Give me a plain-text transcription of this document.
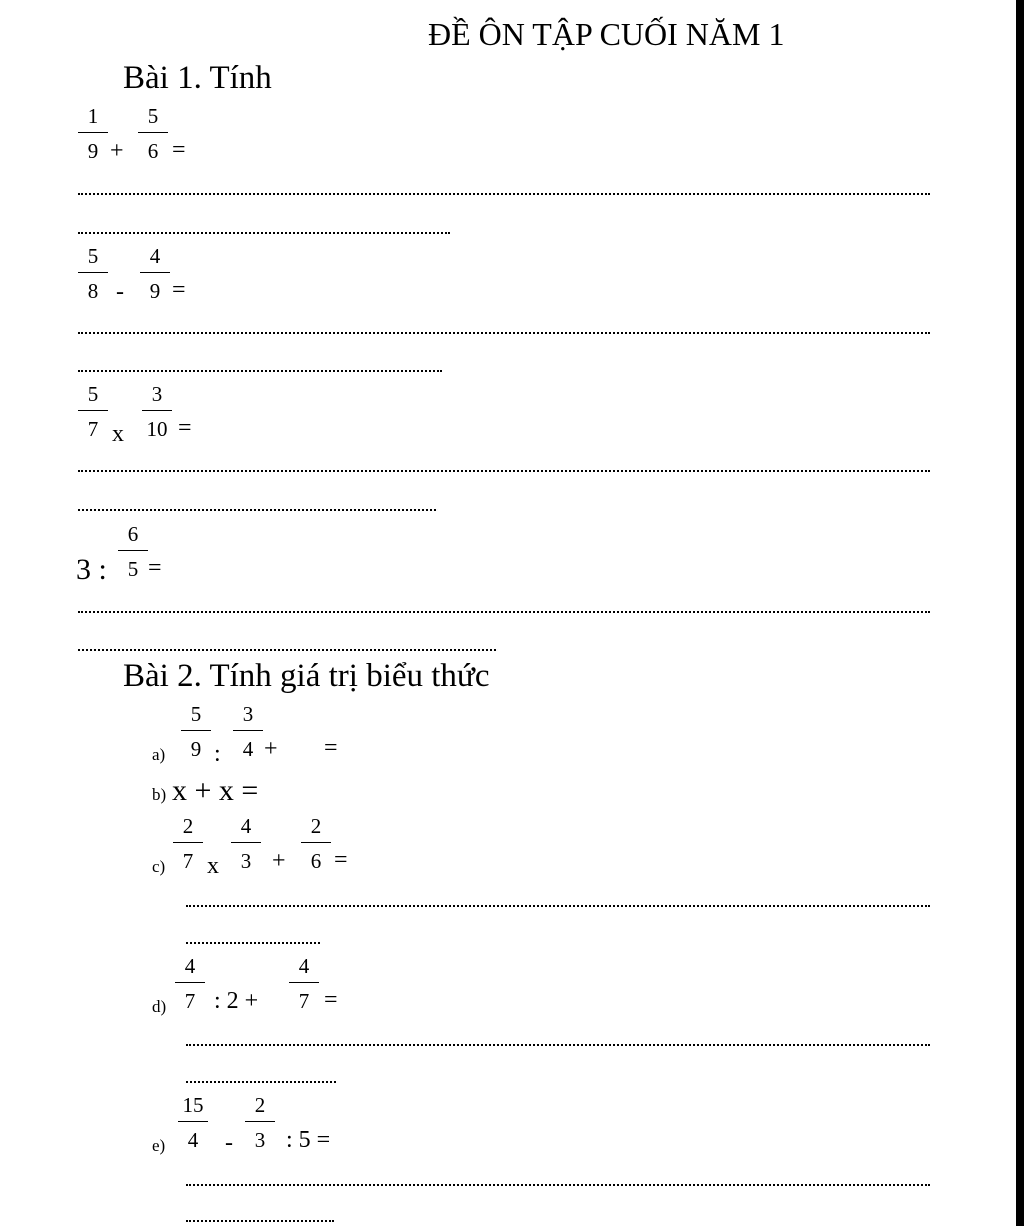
ĐỀ ÔN TẬP CUỐI NĂM 1
Bài 1. Tính
$\frac{1}{9} + \frac{5}{6}$ =
$\frac{5}{8} - \frac{4}{9}$ =
$\frac{5}{7}$ x $\frac{3}{10}$ =
3 : $\frac{6}{5}$ =
Bài 2. Tính giá trị biểu thức
$a) \frac{5}{9}$ : $\frac{3}{4}$ + =
b) x + x =
$c) \frac{2}{7}$ x $\frac{4}{3} + \frac{2}{6}$ =
$d) \frac{4}{7}$ : $2 + \frac{4}{7}$ =
$e) \frac{15}{4} - \frac{2}{3}$ : 5 =
